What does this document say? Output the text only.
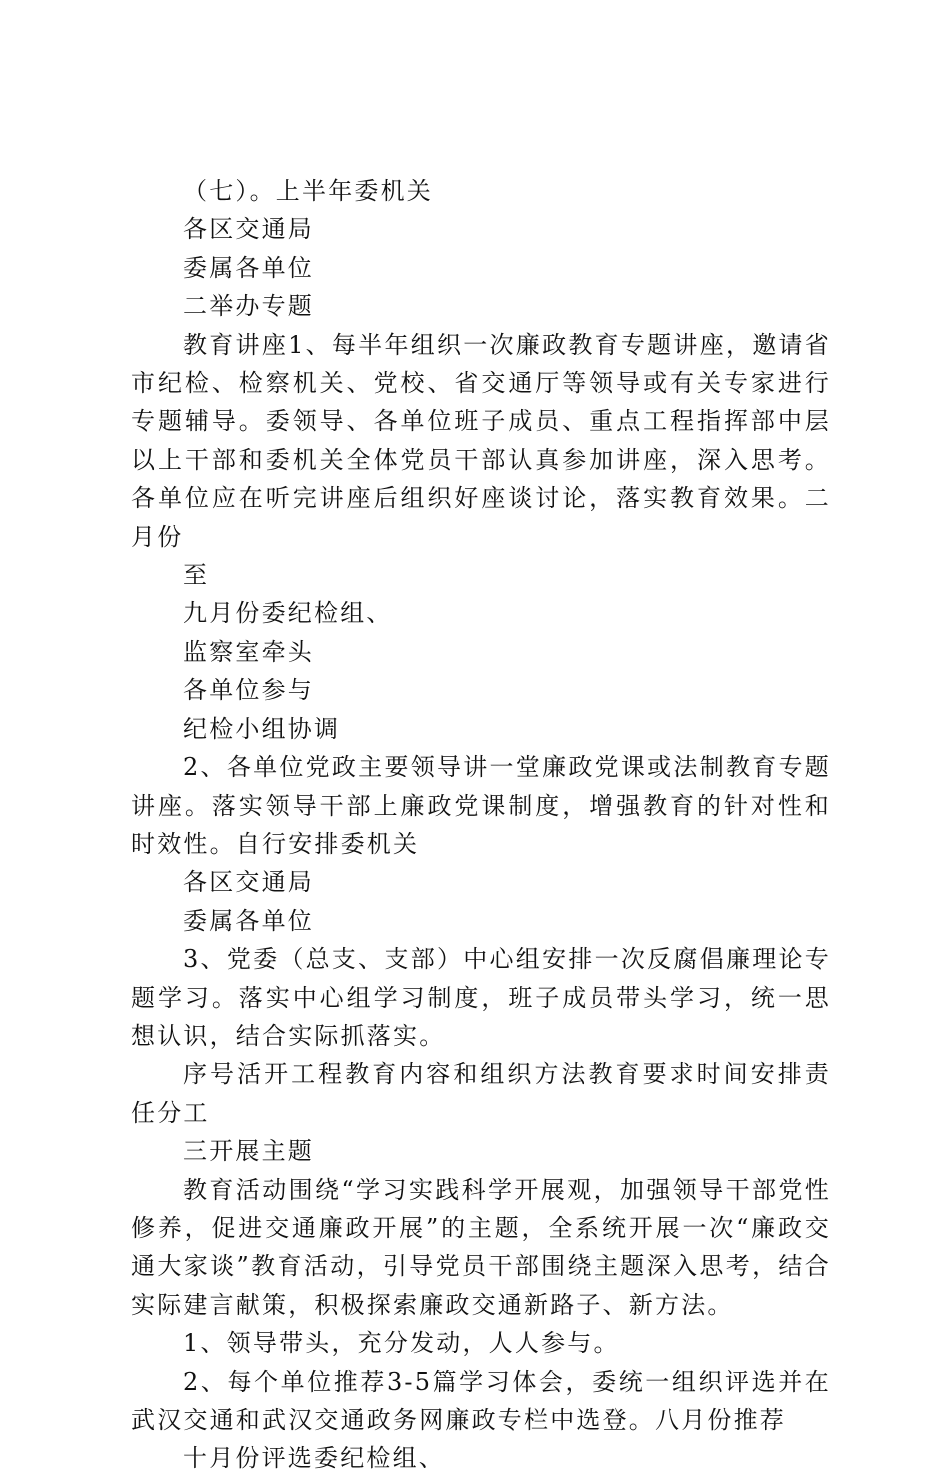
（七）。上半年委机关

各区交通局

委属各单位

二举办专题

教育讲座1、每半年组织一次廉政教育专题讲座，邀请省市纪检、检察机关、党校、省交通厅等领导或有关专家进行专题辅导。委领导、各单位班子成员、重点工程指挥部中层以上干部和委机关全体党员干部认真参加讲座，深入思考。各单位应在听完讲座后组织好座谈讨论，落实教育效果。二月份

至

九月份委纪检组、

监察室牵头

各单位参与

纪检小组协调

2、各单位党政主要领导讲一堂廉政党课或法制教育专题讲座。落实领导干部上廉政党课制度，增强教育的针对性和时效性。自行安排委机关

各区交通局

委属各单位

3、党委（总支、支部）中心组安排一次反腐倡廉理论专题学习。落实中心组学习制度，班子成员带头学习，统一思想认识，结合实际抓落实。

序号活开工程教育内容和组织方法教育要求时间安排责任分工

三开展主题

教育活动围绕“学习实践科学开展观，加强领导干部党性修养，促进交通廉政开展”的主题，全系统开展一次“廉政交通大家谈”教育活动，引导党员干部围绕主题深入思考，结合实际建言献策，积极探索廉政交通新路子、新方法。

1、领导带头，充分发动，人人参与。

2、每个单位推荐3-5篇学习体会，委统一组织评选并在武汉交通和武汉交通政务网廉政专栏中选登。八月份推荐

十月份评选委纪检组、
